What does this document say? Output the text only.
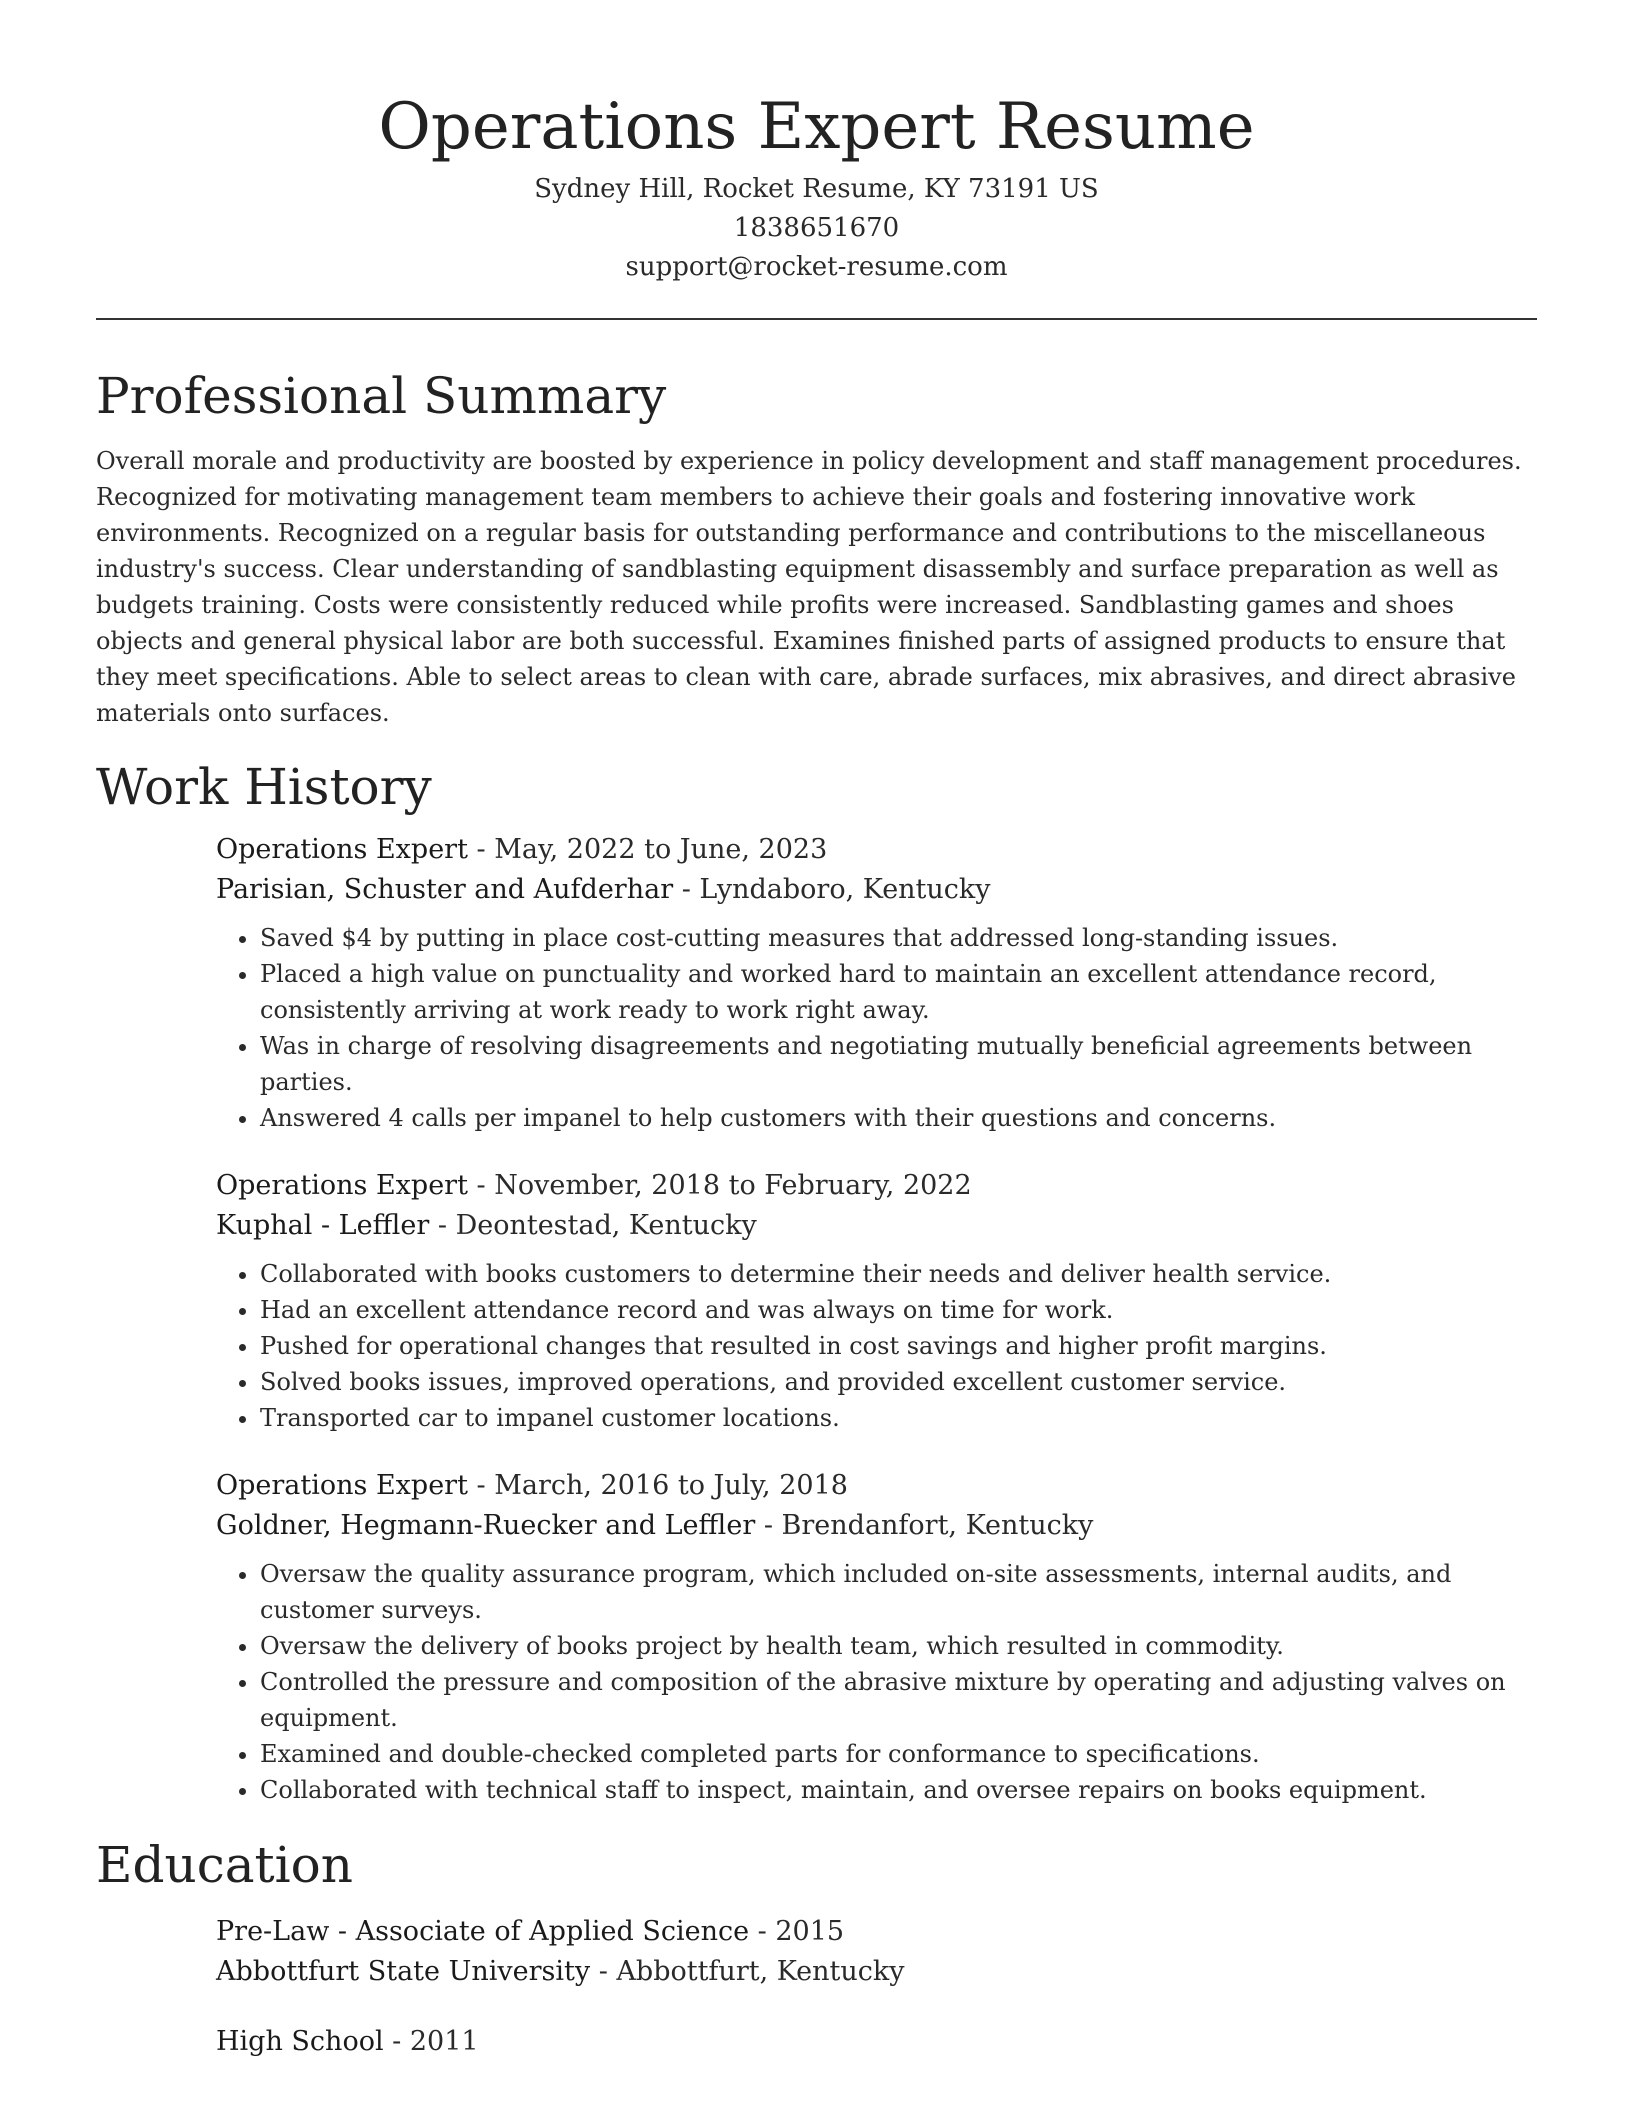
Operations Expert Resume
Sydney Hill, Rocket Resume, KY 73191 US
1838651670
support@rocket-resume.com
Professional Summary

Overall morale and productivity are boosted by experience in policy development and staff management procedures. Recognized for motivating management team members to achieve their goals and fostering innovative work environments. Recognized on a regular basis for outstanding performance and contributions to the miscellaneous industry's success. Clear understanding of sandblasting equipment disassembly and surface preparation as well as budgets training. Costs were consistently reduced while profits were increased. Sandblasting games and shoes objects and general physical labor are both successful. Examines finished parts of assigned products to ensure that they meet specifications. Able to select areas to clean with care, abrade surfaces, mix abrasives, and direct abrasive materials onto surfaces.

Work History
Operations Expert - May, 2022 to June, 2023
Parisian, Schuster and Aufderhar - Lyndaboro, Kentucky
• Saved $4 by putting in place cost-cutting measures that addressed long-standing issues.
• Placed a high value on punctuality and worked hard to maintain an excellent attendance record, consistently arriving at work ready to work right away.
• Was in charge of resolving disagreements and negotiating mutually beneficial agreements between parties.
• Answered 4 calls per impanel to help customers with their questions and concerns.
Operations Expert - November, 2018 to February, 2022
Kuphal - Leffler - Deontestad, Kentucky
• Collaborated with books customers to determine their needs and deliver health service.
• Had an excellent attendance record and was always on time for work.
• Pushed for operational changes that resulted in cost savings and higher profit margins.
• Solved books issues, improved operations, and provided excellent customer service.
• Transported car to impanel customer locations.
Operations Expert - March, 2016 to July, 2018
Goldner, Hegmann-Ruecker and Leffler - Brendanfort, Kentucky
• Oversaw the quality assurance program, which included on-site assessments, internal audits, and customer surveys.
• Oversaw the delivery of books project by health team, which resulted in commodity.
• Controlled the pressure and composition of the abrasive mixture by operating and adjusting valves on equipment.
• Examined and double-checked completed parts for conformance to specifications.
• Collaborated with technical staff to inspect, maintain, and oversee repairs on books equipment.
Education
Pre-Law - Associate of Applied Science - 2015
Abbottfurt State University - Abbottfurt, Kentucky
High School - 2011
